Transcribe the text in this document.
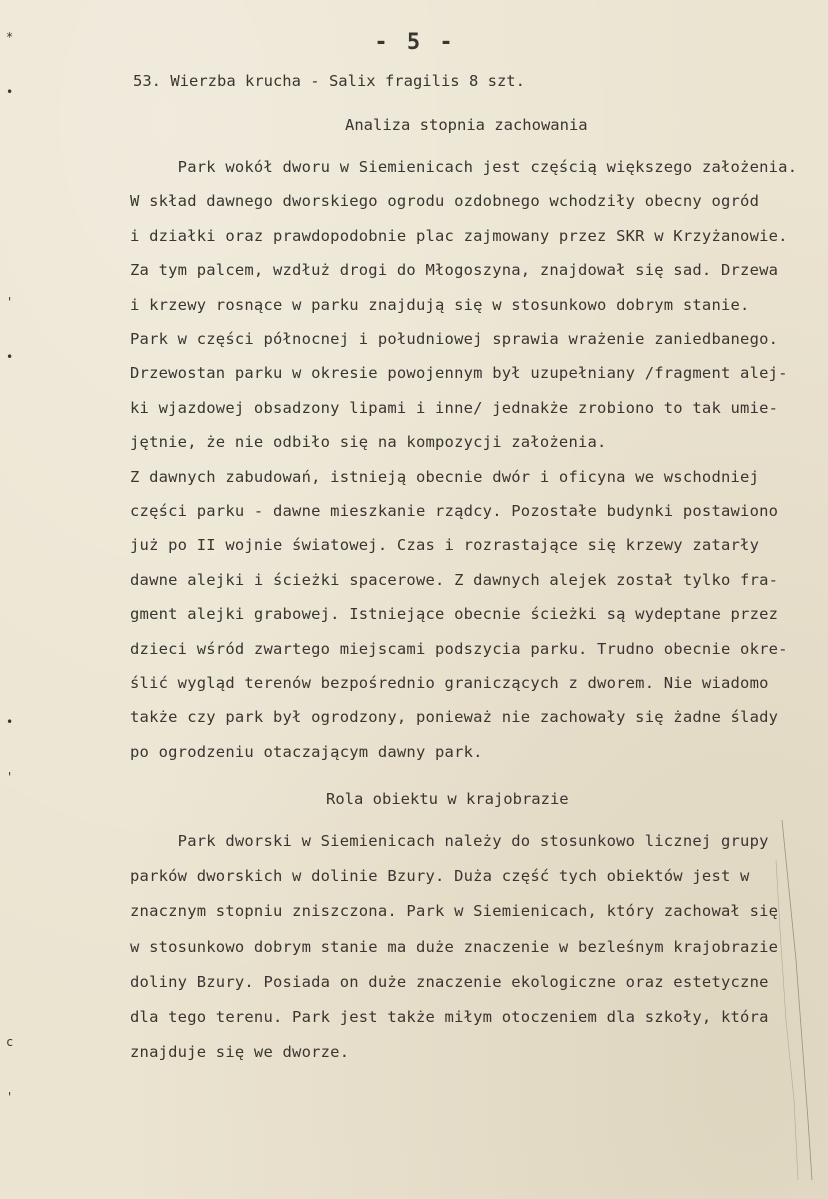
- 5 -
53. Wierzba krucha - Salix fragilis 8 szt.
Analiza stopnia zachowania
Park wokół dworu w Siemienicach jest częścią większego założenia.
W skład dawnego dworskiego ogrodu ozdobnego wchodziły obecny ogród
i działki oraz prawdopodobnie plac zajmowany przez SKR w Krzyżanowie.
Za tym palcem, wzdłuż drogi do Młogoszyna, znajdował się sad. Drzewa
i krzewy rosnące w parku znajdują się w stosunkowo dobrym stanie.
Park w części północnej i południowej sprawia wrażenie zaniedbanego.
Drzewostan parku w okresie powojennym był uzupełniany /fragment alej-
ki wjazdowej obsadzony lipami i inne/ jednakże zrobiono to tak umie-
jętnie, że nie odbiło się na kompozycji założenia.
Z dawnych zabudowań, istnieją obecnie dwór i oficyna we wschodniej
części parku - dawne mieszkanie rządcy. Pozostałe budynki postawiono
już po II wojnie światowej. Czas i rozrastające się krzewy zatarły
dawne alejki i ścieżki spacerowe. Z dawnych alejek został tylko fra-
gment alejki grabowej. Istniejące obecnie ścieżki są wydeptane przez
dzieci wśród zwartego miejscami podszycia parku. Trudno obecnie okre-
ślić wygląd terenów bezpośrednio graniczących z dworem. Nie wiadomo
także czy park był ogrodzony, ponieważ nie zachowały się żadne ślady
po ogrodzeniu otaczającym dawny park.
Rola obiektu w krajobrazie
Park dworski w Siemienicach należy do stosunkowo licznej grupy
parków dworskich w dolinie Bzury. Duża część tych obiektów jest w
znacznym stopniu zniszczona. Park w Siemienicach, który zachował się
w stosunkowo dobrym stanie ma duże znaczenie w bezleśnym krajobrazie
doliny Bzury. Posiada on duże znaczenie ekologiczne oraz estetyczne
dla tego terenu. Park jest także miłym otoczeniem dla szkoły, która
znajduje się we dworze.
*
•
'
•
•
'
c
'
